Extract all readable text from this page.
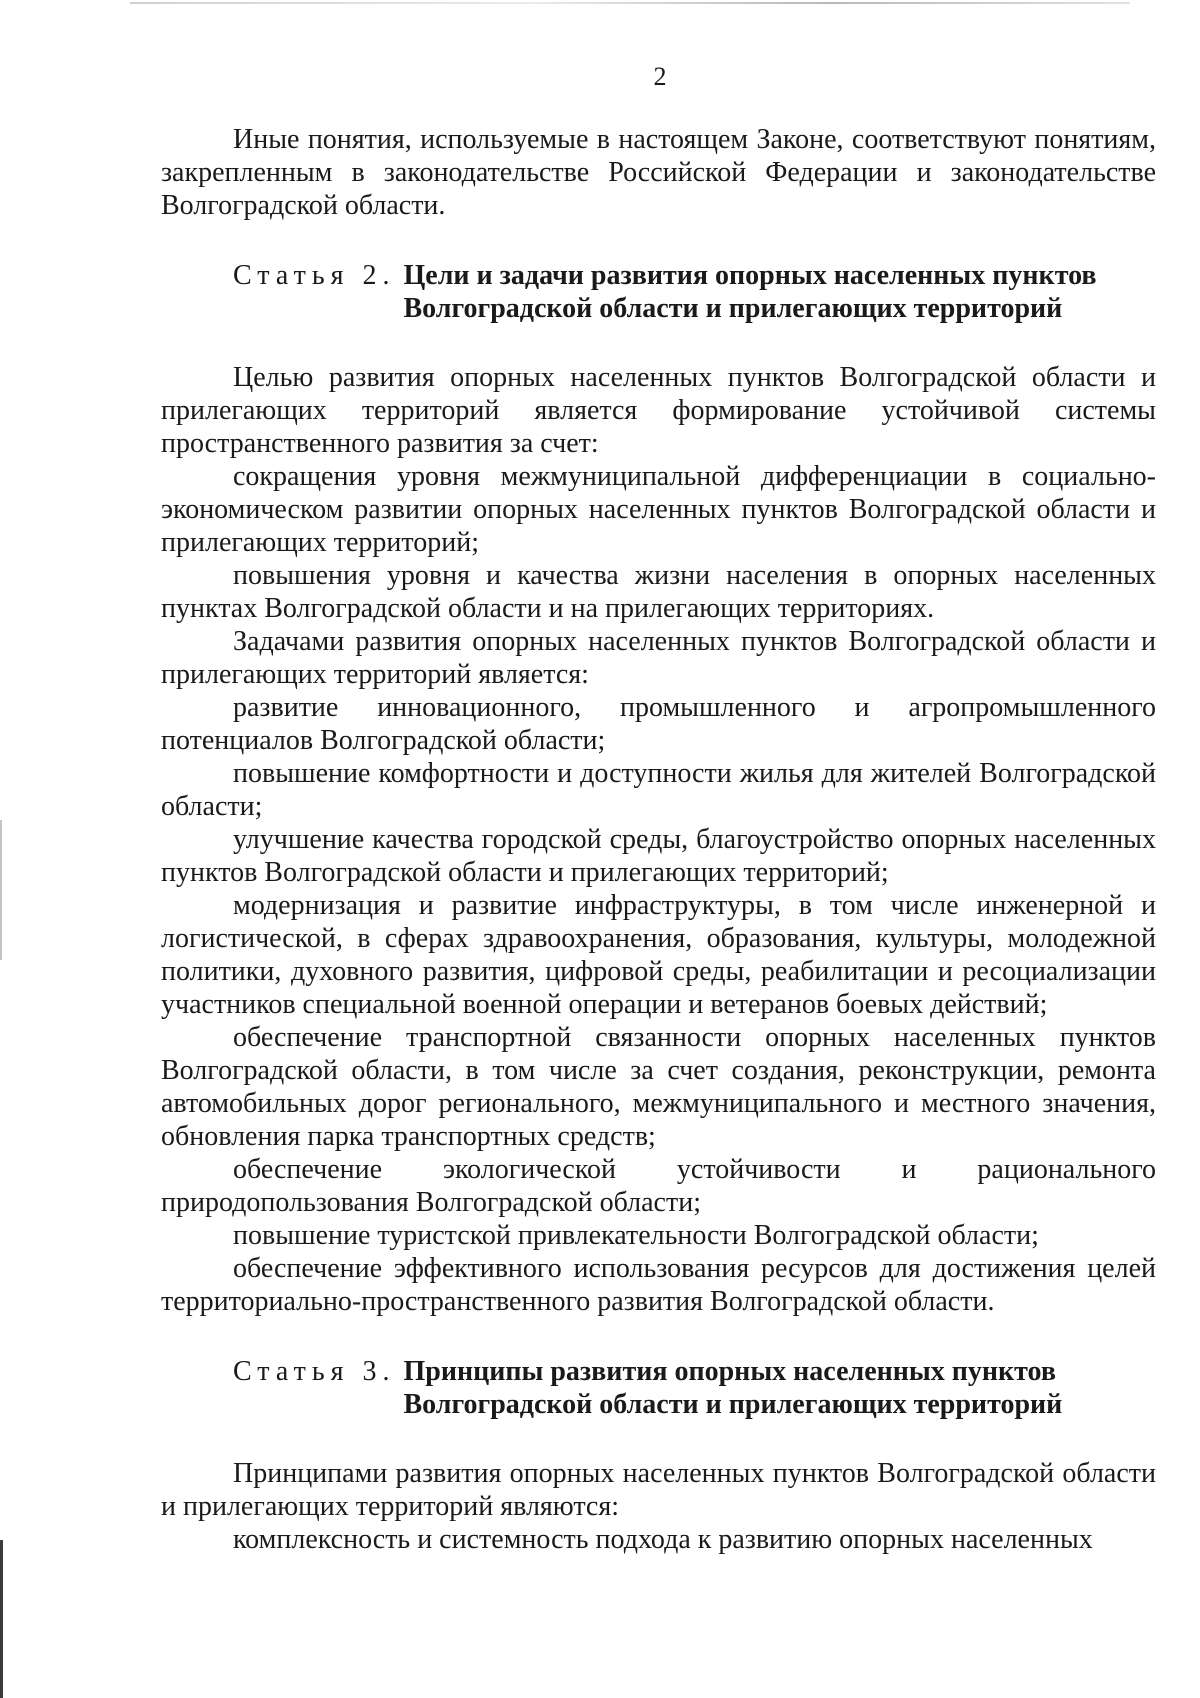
2

Иные понятия, используемые в настоящем Законе, соответствуют понятиям, закрепленным в законодательстве Российской Федерации и законодательстве Волгоградской области.

Статья 2. Цели и задачи развития опорных населенных пунктов
Волгоградской области и прилегающих территорий

Целью развития опорных населенных пунктов Волгоградской области и прилегающих территорий является формирование устойчивой системы пространственного развития за счет:

сокращения уровня межмуниципальной дифференциации в социально-экономическом развитии опорных населенных пунктов Волгоградской области и прилегающих территорий;

повышения уровня и качества жизни населения в опорных населенных пунктах Волгоградской области и на прилегающих территориях.

Задачами развития опорных населенных пунктов Волгоградской области и прилегающих территорий является:

развитие инновационного, промышленного и агропромышленного потенциалов Волгоградской области;

повышение комфортности и доступности жилья для жителей Волгоградской области;

улучшение качества городской среды, благоустройство опорных населенных пунктов Волгоградской области и прилегающих территорий;

модернизация и развитие инфраструктуры, в том числе инженерной и логистической, в сферах здравоохранения, образования, культуры, молодежной политики, духовного развития, цифровой среды, реабилитации и ресоциализации участников специальной военной операции и ветеранов боевых действий;

обеспечение транспортной связанности опорных населенных пунктов Волгоградской области, в том числе за счет создания, реконструкции, ремонта автомобильных дорог регионального, межмуниципального и местного значения, обновления парка транспортных средств;

обеспечение экологической устойчивости и рационального природопользования Волгоградской области;

повышение туристской привлекательности Волгоградской области;

обеспечение эффективного использования ресурсов для достижения целей территориально-пространственного развития Волгоградской области.

Статья 3. Принципы развития опорных населенных пунктов
Волгоградской области и прилегающих территорий

Принципами развития опорных населенных пунктов Волгоградской области и прилегающих территорий являются:

комплексность и системность подхода к развитию опорных населенных
